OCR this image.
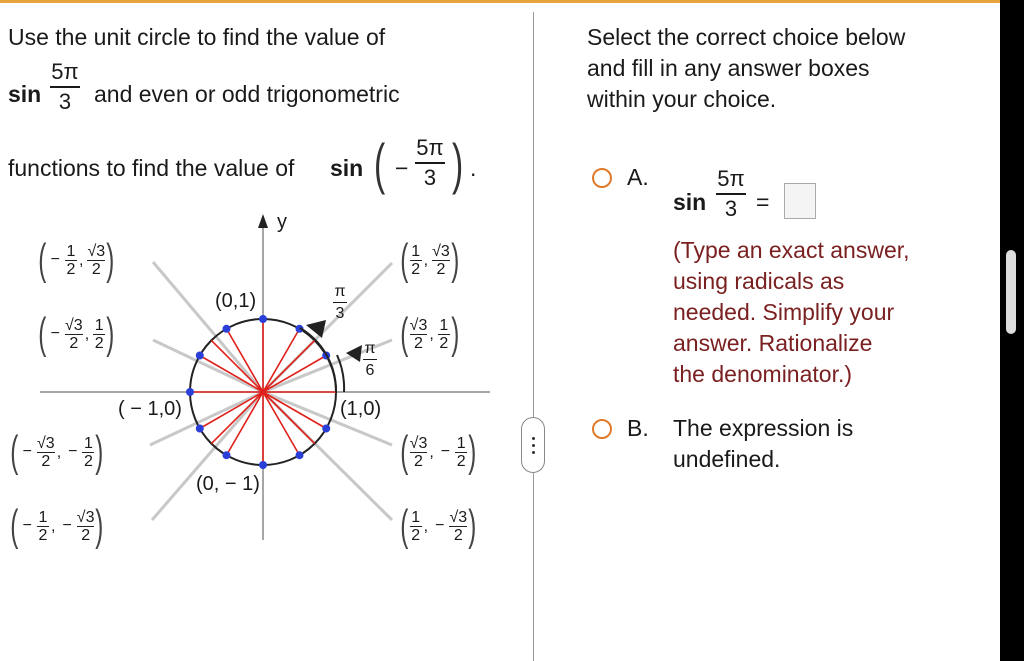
Use the unit circle to find the value of
sin
5π
3 and even or odd trigonometric
functions to find the value of sin ( −
5π
3 ) .
y
(0,1)
( − 1,0)	(1,0)
(0, − 1)
π
3
π
6
( − 1
2 ,
√3
2 )
( − √3
2 ,
1
2 )
( 1
2 ,
√3
2 )
( √3
2 ,
1
2 )
( − √3
2 , − 1
2 )
( − 1
2 , − √3
2 )
( √3
2 , − 1
2 )
( 1
2 , − √3
2 )
Select the correct choice below
and fill in any answer boxes
within your choice.
A.
sin
5π
3 =
(Type an exact answer,
using radicals as
needed. Simplify your
answer. Rationalize
the denominator.)
B. The expression is
undefined.
